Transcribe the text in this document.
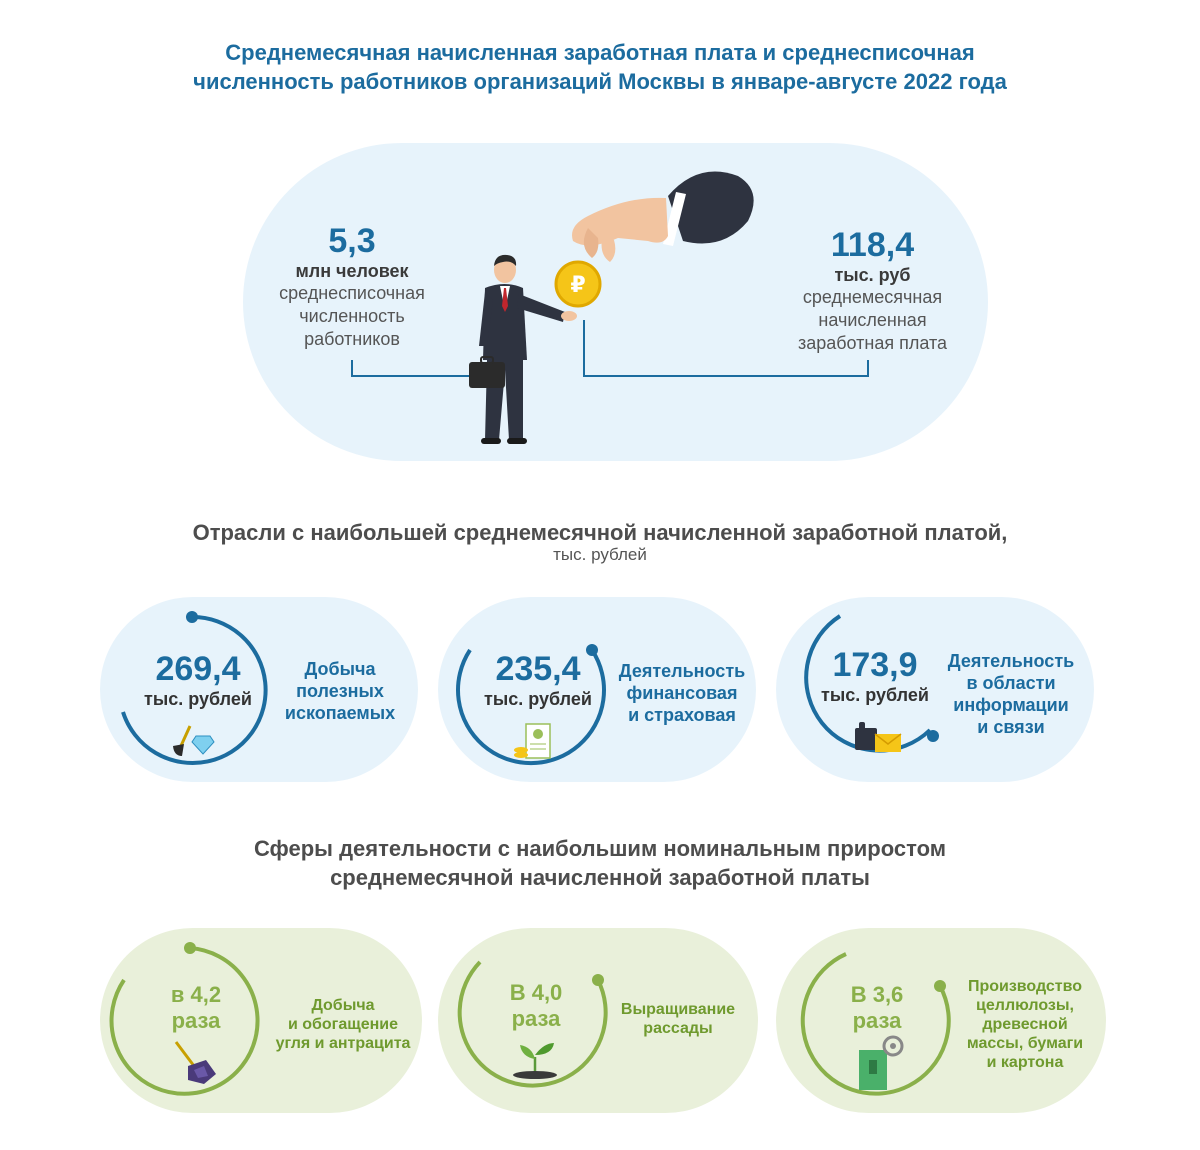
Среднемесячная начисленная заработная плата и среднесписочная
численность работников организаций Москвы в январе-августе 2022 года
5,3
млн человек
среднесписочная
численность
работников
118,4
тыс. руб
среднемесячная
начисленная
заработная плата
₽
Отрасли с наибольшей среднемесячной начисленной заработной платой,
тыс. рублей
269,4
тыс. рублей
235,4
тыс. рублей
173,9
тыс. рублей
Добыча
полезных
ископаемых
Деятельность
финансовая
и страховая
Деятельность
в области
информации
и связи
Сферы деятельности с наибольшим номинальным приростом
среднемесячной начисленной заработной платы
в 4,2
раза
В 4,0
раза
В 3,6
раза
Добыча
и обогащение
угля и антрацита
Выращивание
рассады
Производство
целлюлозы,
древесной
массы, бумаги
и картона
